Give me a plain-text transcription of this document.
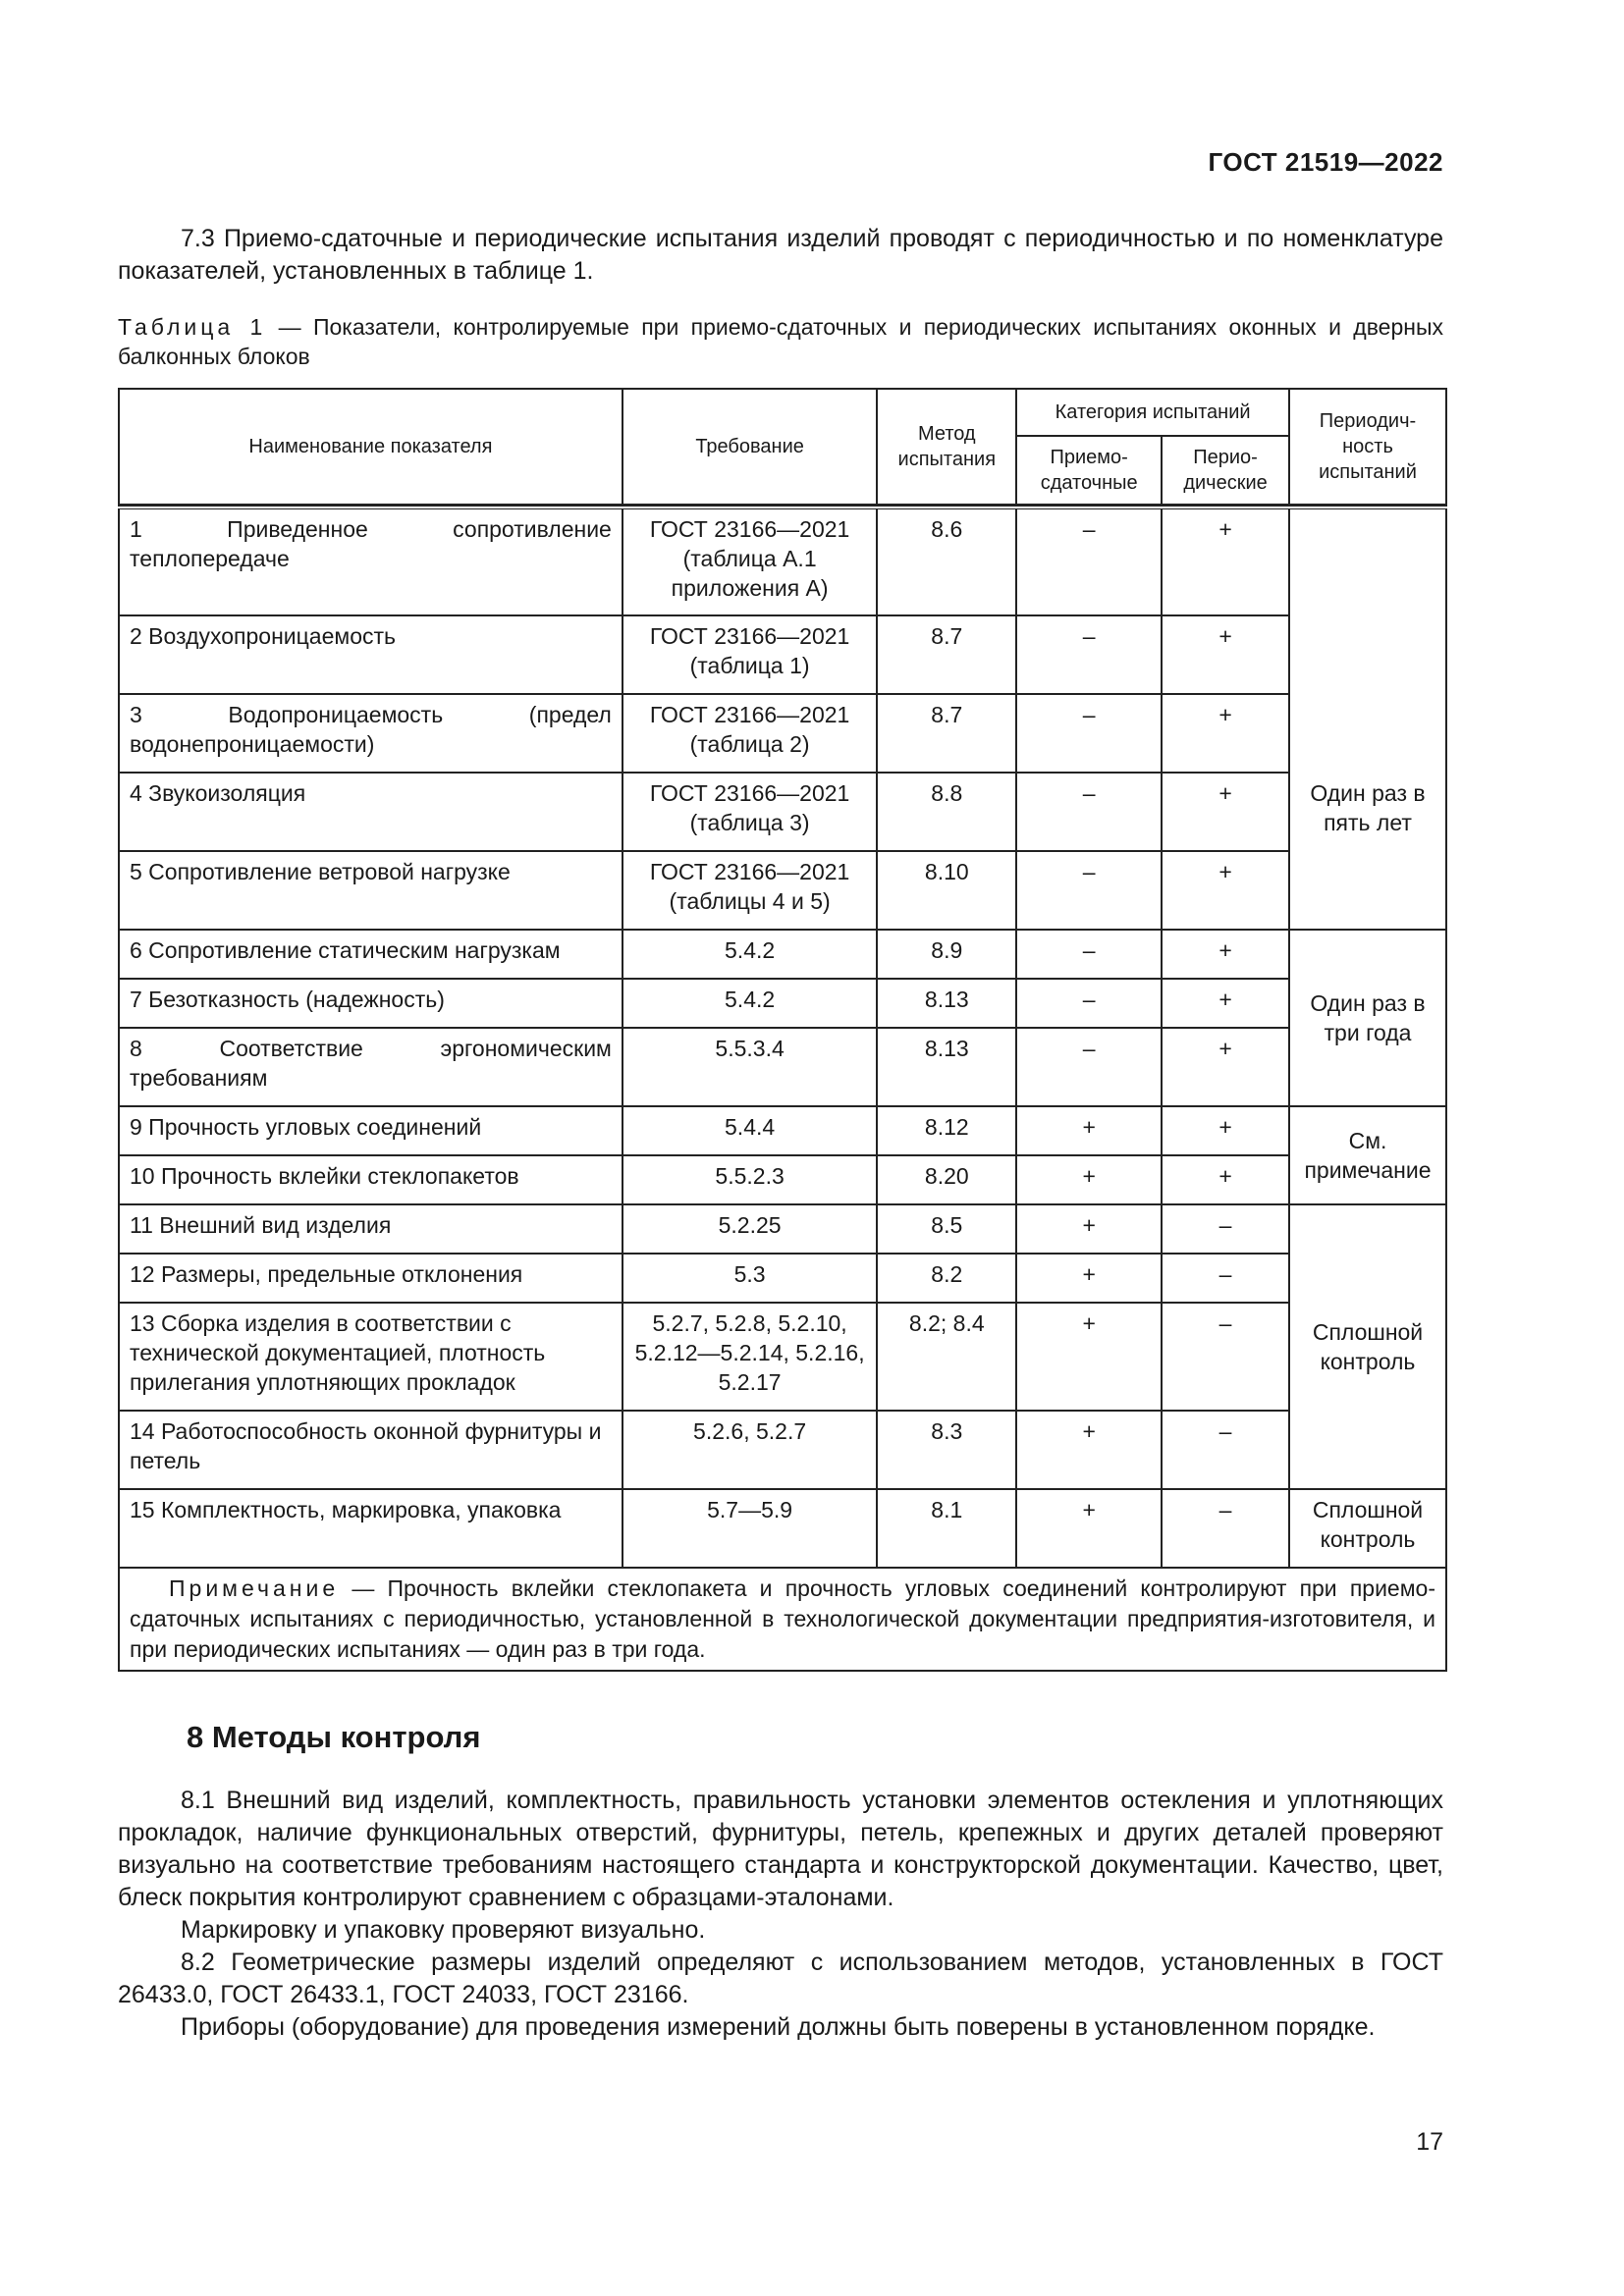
ГОСТ 21519—2022

7.3 Приемо-сдаточные и периодические испытания изделий проводят с периодичностью и по номенклатуре показателей, установленных в таблице 1.

Таблица 1 — Показатели, контролируемые при приемо-сдаточных и периодических испытаниях оконных и дверных балконных блоков

Наименование показателя	Требование	Метод испытания	Категория испытаний		Периодич-ность испытаний
			Приемо-сдаточные	Перио-дические	

1 Приведенное сопротивление теплопередаче	ГОСТ 23166—2021 (таблица А.1 приложения А)	8.6	–	+	Один раз в пять лет
2 Воздухопроницаемость	ГОСТ 23166—2021 (таблица 1)	8.7	–	+	
3 Водопроницаемость (предел водонепроницаемости)	ГОСТ 23166—2021 (таблица 2)	8.7	–	+	
4 Звукоизоляция	ГОСТ 23166—2021 (таблица 3)	8.8	–	+	
5 Сопротивление ветровой нагрузке	ГОСТ 23166—2021 (таблицы 4 и 5)	8.10	–	+	
6 Сопротивление статическим нагрузкам	5.4.2	8.9	–	+	Один раз в три года
7 Безотказность (надежность)	5.4.2	8.13	–	+	
8 Соответствие эргономическим требованиям	5.5.3.4	8.13	–	+	
9 Прочность угловых соединений	5.4.4	8.12	+	+	См. примечание
10 Прочность вклейки стеклопакетов	5.5.2.3	8.20	+	+	
11 Внешний вид изделия	5.2.25	8.5	+	–	Сплошной контроль
12 Размеры, предельные отклонения	5.3	8.2	+	–	
13 Сборка изделия в соответствии с технической документацией, плотность прилегания уплотняющих прокладок	5.2.7, 5.2.8, 5.2.10, 5.2.12—5.2.14, 5.2.16, 5.2.17	8.2; 8.4	+	–	
14 Работоспособность оконной фурнитуры и петель	5.2.6, 5.2.7	8.3	+	–	
15 Комплектность, маркировка, упаковка	5.7—5.9	8.1	+	–	Сплошной контроль
Примечание — Прочность вклейки стеклопакета и прочность угловых соединений контролируют при приемо-сдаточных испытаниях с периодичностью, установленной в технологической документации предприятия-изготовителя, и при периодических испытаниях — один раз в три года.					
8 Методы контроля

8.1 Внешний вид изделий, комплектность, правильность установки элементов остекления и уплотняющих прокладок, наличие функциональных отверстий, фурнитуры, петель, крепежных и других деталей проверяют визуально на соответствие требованиям настоящего стандарта и конструкторской документации. Качество, цвет, блеск покрытия контролируют сравнением с образцами-эталонами.

Маркировку и упаковку проверяют визуально.

8.2 Геометрические размеры изделий определяют с использованием методов, установленных в ГОСТ 26433.0, ГОСТ 26433.1, ГОСТ 24033, ГОСТ 23166.

Приборы (оборудование) для проведения измерений должны быть поверены в установленном порядке.

17
